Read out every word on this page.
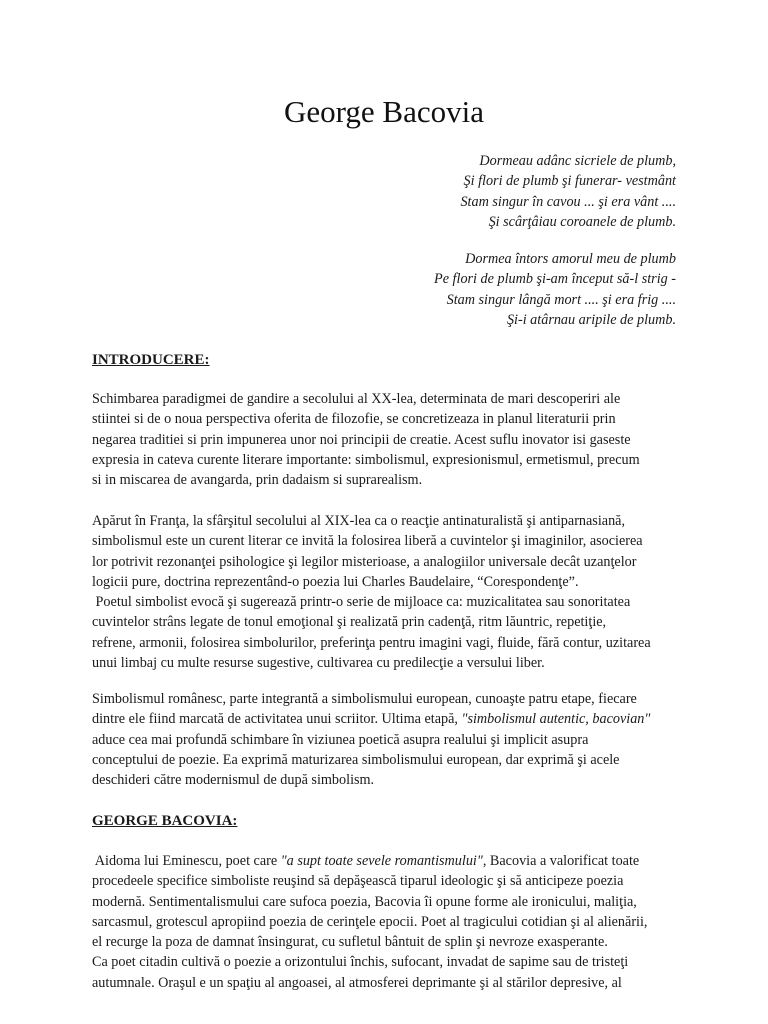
George Bacovia
Dormeau adânc sicriele de plumb,
Şi flori de plumb şi funerar- vestmânt
Stam singur în cavou ... şi era vânt ....
Şi scârţâiau coroanele de plumb.
Dormea întors amorul meu de plumb
Pe flori de plumb şi-am început să-l strig -
Stam singur lângă mort .... şi era frig ....
Şi-i atârnau aripile de plumb.
INTRODUCERE:
Schimbarea paradigmei de gandire a secolului al XX-lea, determinata de mari descoperiri ale
stiintei si de o noua perspectiva oferita de filozofie, se concretizeaza in planul literaturii prin
negarea traditiei si prin impunerea unor noi principii de creatie. Acest suflu inovator isi gaseste
expresia in cateva curente literare importante: simbolismul, expresionismul, ermetismul, precum
si in miscarea de avangarda, prin dadaism si suprarealism.
Apărut în Franţa, la sfârşitul secolului al XIX-lea ca o reacţie antinaturalistă şi antiparnasiană,
simbolismul este un curent literar ce invită la folosirea liberă a cuvintelor şi imaginilor, asocierea
lor potrivit rezonanţei psihologice şi legilor misterioase, a analogiilor universale decât uzanţelor
logicii pure, doctrina reprezentând-o poezia lui Charles Baudelaire, “Corespondenţe”.
Poetul simbolist evocă şi sugerează printr-o serie de mijloace ca: muzicalitatea sau sonoritatea
cuvintelor strâns legate de tonul emoţional şi realizată prin cadenţă, ritm lăuntric, repetiţie,
refrene, armonii, folosirea simbolurilor, preferinţa pentru imagini vagi, fluide, fără contur, uzitarea
unui limbaj cu multe resurse sugestive, cultivarea cu predilecţie a versului liber.
Simbolismul românesc, parte integrantă a simbolismului european, cunoaşte patru etape, fiecare
dintre ele fiind marcată de activitatea unui scriitor. Ultima etapă, "simbolismul autentic, bacovian"
aduce cea mai profundă schimbare în viziunea poetică asupra realului şi implicit asupra
conceptului de poezie. Ea exprimă maturizarea simbolismului european, dar exprimă şi acele
deschideri către modernismul de după simbolism.
GEORGE BACOVIA:
Aidoma lui Eminescu, poet care "a supt toate sevele romantismului", Bacovia a valorificat toate
procedeele specifice simboliste reuşind să depăşească tiparul ideologic şi să anticipeze poezia
modernă. Sentimentalismului care sufoca poezia, Bacovia îi opune forme ale ironicului, maliţia,
sarcasmul, grotescul apropiind poezia de cerinţele epocii. Poet al tragicului cotidian şi al alienării,
el recurge la poza de damnat însingurat, cu sufletul bântuit de splin şi nevroze exasperante.
Ca poet citadin cultivă o poezie a orizontului închis, sufocant, invadat de sapime sau de tristeţi
autumnale. Oraşul e un spaţiu al angoasei, al atmosferei deprimante şi al stărilor depresive, al
